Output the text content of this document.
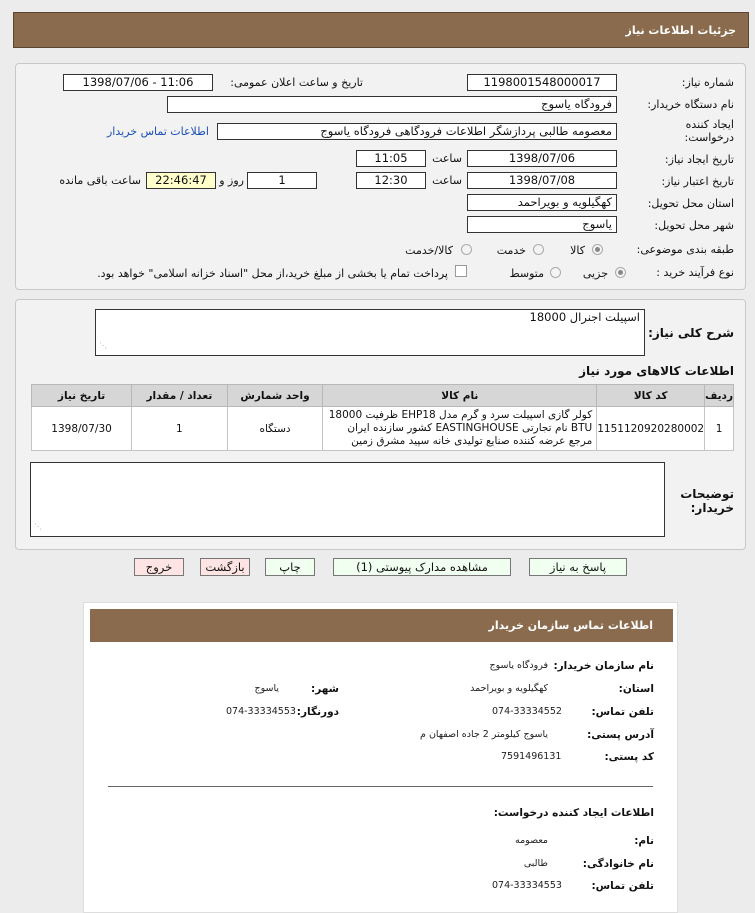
جزئیات اطلاعات نیاز
شماره نیاز:
1198001548000017
تاریخ و ساعت اعلان عمومی:
1398/07/06 - 11:06
نام دستگاه خریدار:
فرودگاه یاسوج
ایجاد کننده درخواست:
معصومه طالبی پردازشگر اطلاعات فرودگاهی فرودگاه یاسوج
اطلاعات تماس خریدار
تاریخ ایجاد نیاز:
1398/07/06
ساعت
11:05
تاریخ اعتبار نیاز:
1398/07/08
ساعت
12:30
1
روز و
22:46:47
ساعت باقی مانده
استان محل تحویل:
کهگیلویه و بویراحمد
شهر محل تحویل:
یاسوج
طبقه بندی موضوعی:
کالا
خدمت
کالا/خدمت
نوع فرآیند خرید :
جزیی
متوسط
پرداخت تمام یا بخشی از مبلغ خرید،از محل "اسناد خزانه اسلامی" خواهد بود.
شرح کلی نیاز:
اسپیلت اجنرال 18000
⋰
اطلاعات کالاهای مورد نیاز
ردیف	کد کالا	نام کالا	واحد شمارش	تعداد / مقدار	تاریخ نیاز
1	1151120920280002	کولر گازی اسپیلت سرد و گرم مدل EHP18 ظرفیت 18000 BTU نام تجارتی EASTINGHOUSE کشور سازنده ایران مرجع عرضه کننده صنایع تولیدی خانه سپید مشرق زمین	دستگاه	1	1398/07/30
توضیحات خریدار:
⋰
پاسخ به نیاز
مشاهده مدارک پیوستی (1)
چاپ
بازگشت
خروج
اطلاعات تماس سازمان خریدار
نام سازمان خریدار:
فرودگاه یاسوج
استان:
کهگیلویه و بویراحمد
شهر:
یاسوج
تلفن تماس:
074-33334552
دورنگار:
074-33334553
آدرس پستی:
یاسوج کیلومتر 2 جاده اصفهان م
کد پستی:
7591496131
اطلاعات ایجاد کننده درخواست:
نام:
معصومه
نام خانوادگی:
طالبی
تلفن تماس:
074-33334553
